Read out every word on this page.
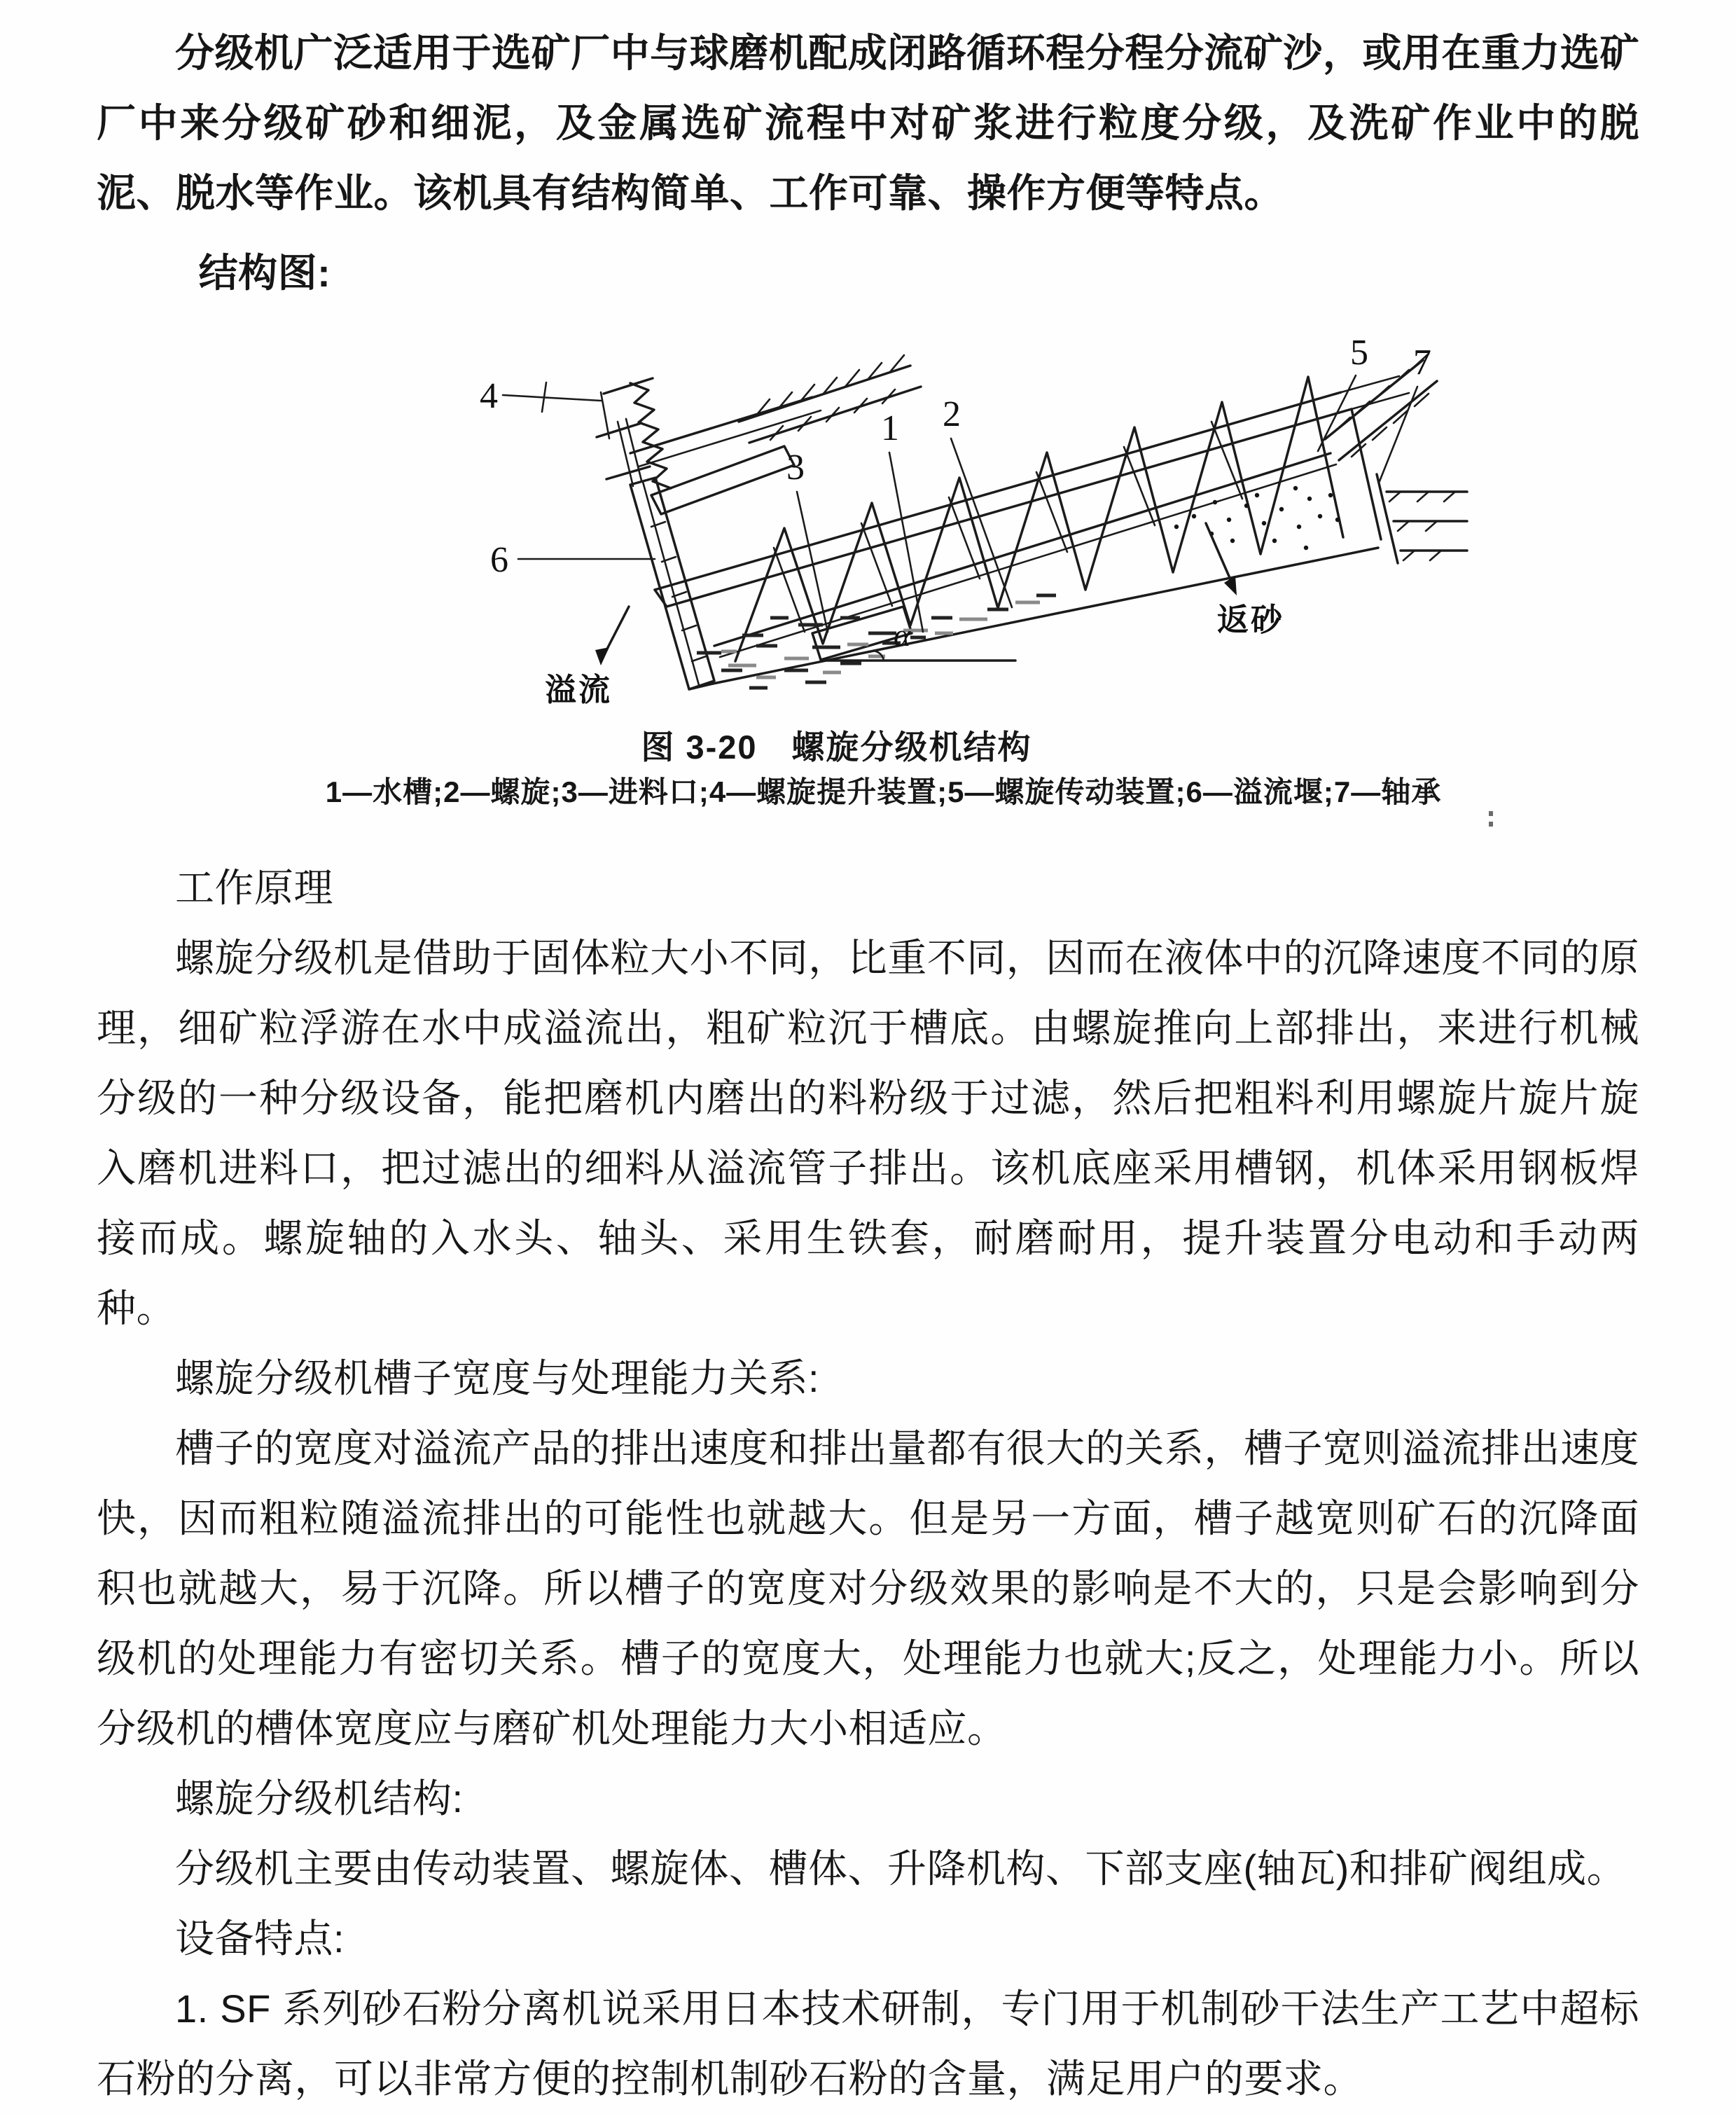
分级机广泛适用于选矿厂中与球磨机配成闭路循环程分程分流矿沙，或用在重力选矿厂中来分级矿砂和细泥，及金属选矿流程中对矿浆进行粒度分级，及洗矿作业中的脱泥、脱水等作业。该机具有结构简单、工作可靠、操作方便等特点。

结构图:

4
5 7
3
1 2
6
α
溢流
返砂

图 3-20　螺旋分级机结构

1—水槽;2—螺旋;3—进料口;4—螺旋提升装置;5—螺旋传动装置;6—溢流堰;7—轴承

工作原理

螺旋分级机是借助于固体粒大小不同，比重不同，因而在液体中的沉降速度不同的原理，细矿粒浮游在水中成溢流出，粗矿粒沉于槽底。由螺旋推向上部排出，来进行机械分级的一种分级设备，能把磨机内磨出的料粉级于过滤，然后把粗料利用螺旋片旋片旋入磨机进料口，把过滤出的细料从溢流管子排出。该机底座采用槽钢，机体采用钢板焊接而成。螺旋轴的入水头、轴头、采用生铁套，耐磨耐用，提升装置分电动和手动两种。

螺旋分级机槽子宽度与处理能力关系:

槽子的宽度对溢流产品的排出速度和排出量都有很大的关系，槽子宽则溢流排出速度快，因而粗粒随溢流排出的可能性也就越大。但是另一方面，槽子越宽则矿石的沉降面积也就越大，易于沉降。所以槽子的宽度对分级效果的影响是不大的，只是会影响到分级机的处理能力有密切关系。槽子的宽度大，处理能力也就大;反之，处理能力小。所以分级机的槽体宽度应与磨矿机处理能力大小相适应。

螺旋分级机结构:

分级机主要由传动装置、螺旋体、槽体、升降机构、下部支座(轴瓦)和排矿阀组成。

设备特点:

1. SF 系列砂石粉分离机说采用日本技术研制，专门用于机制砂干法生产工艺中超标石粉的分离，可以非常方便的控制机制砂石粉的含量，满足用户的要求。
